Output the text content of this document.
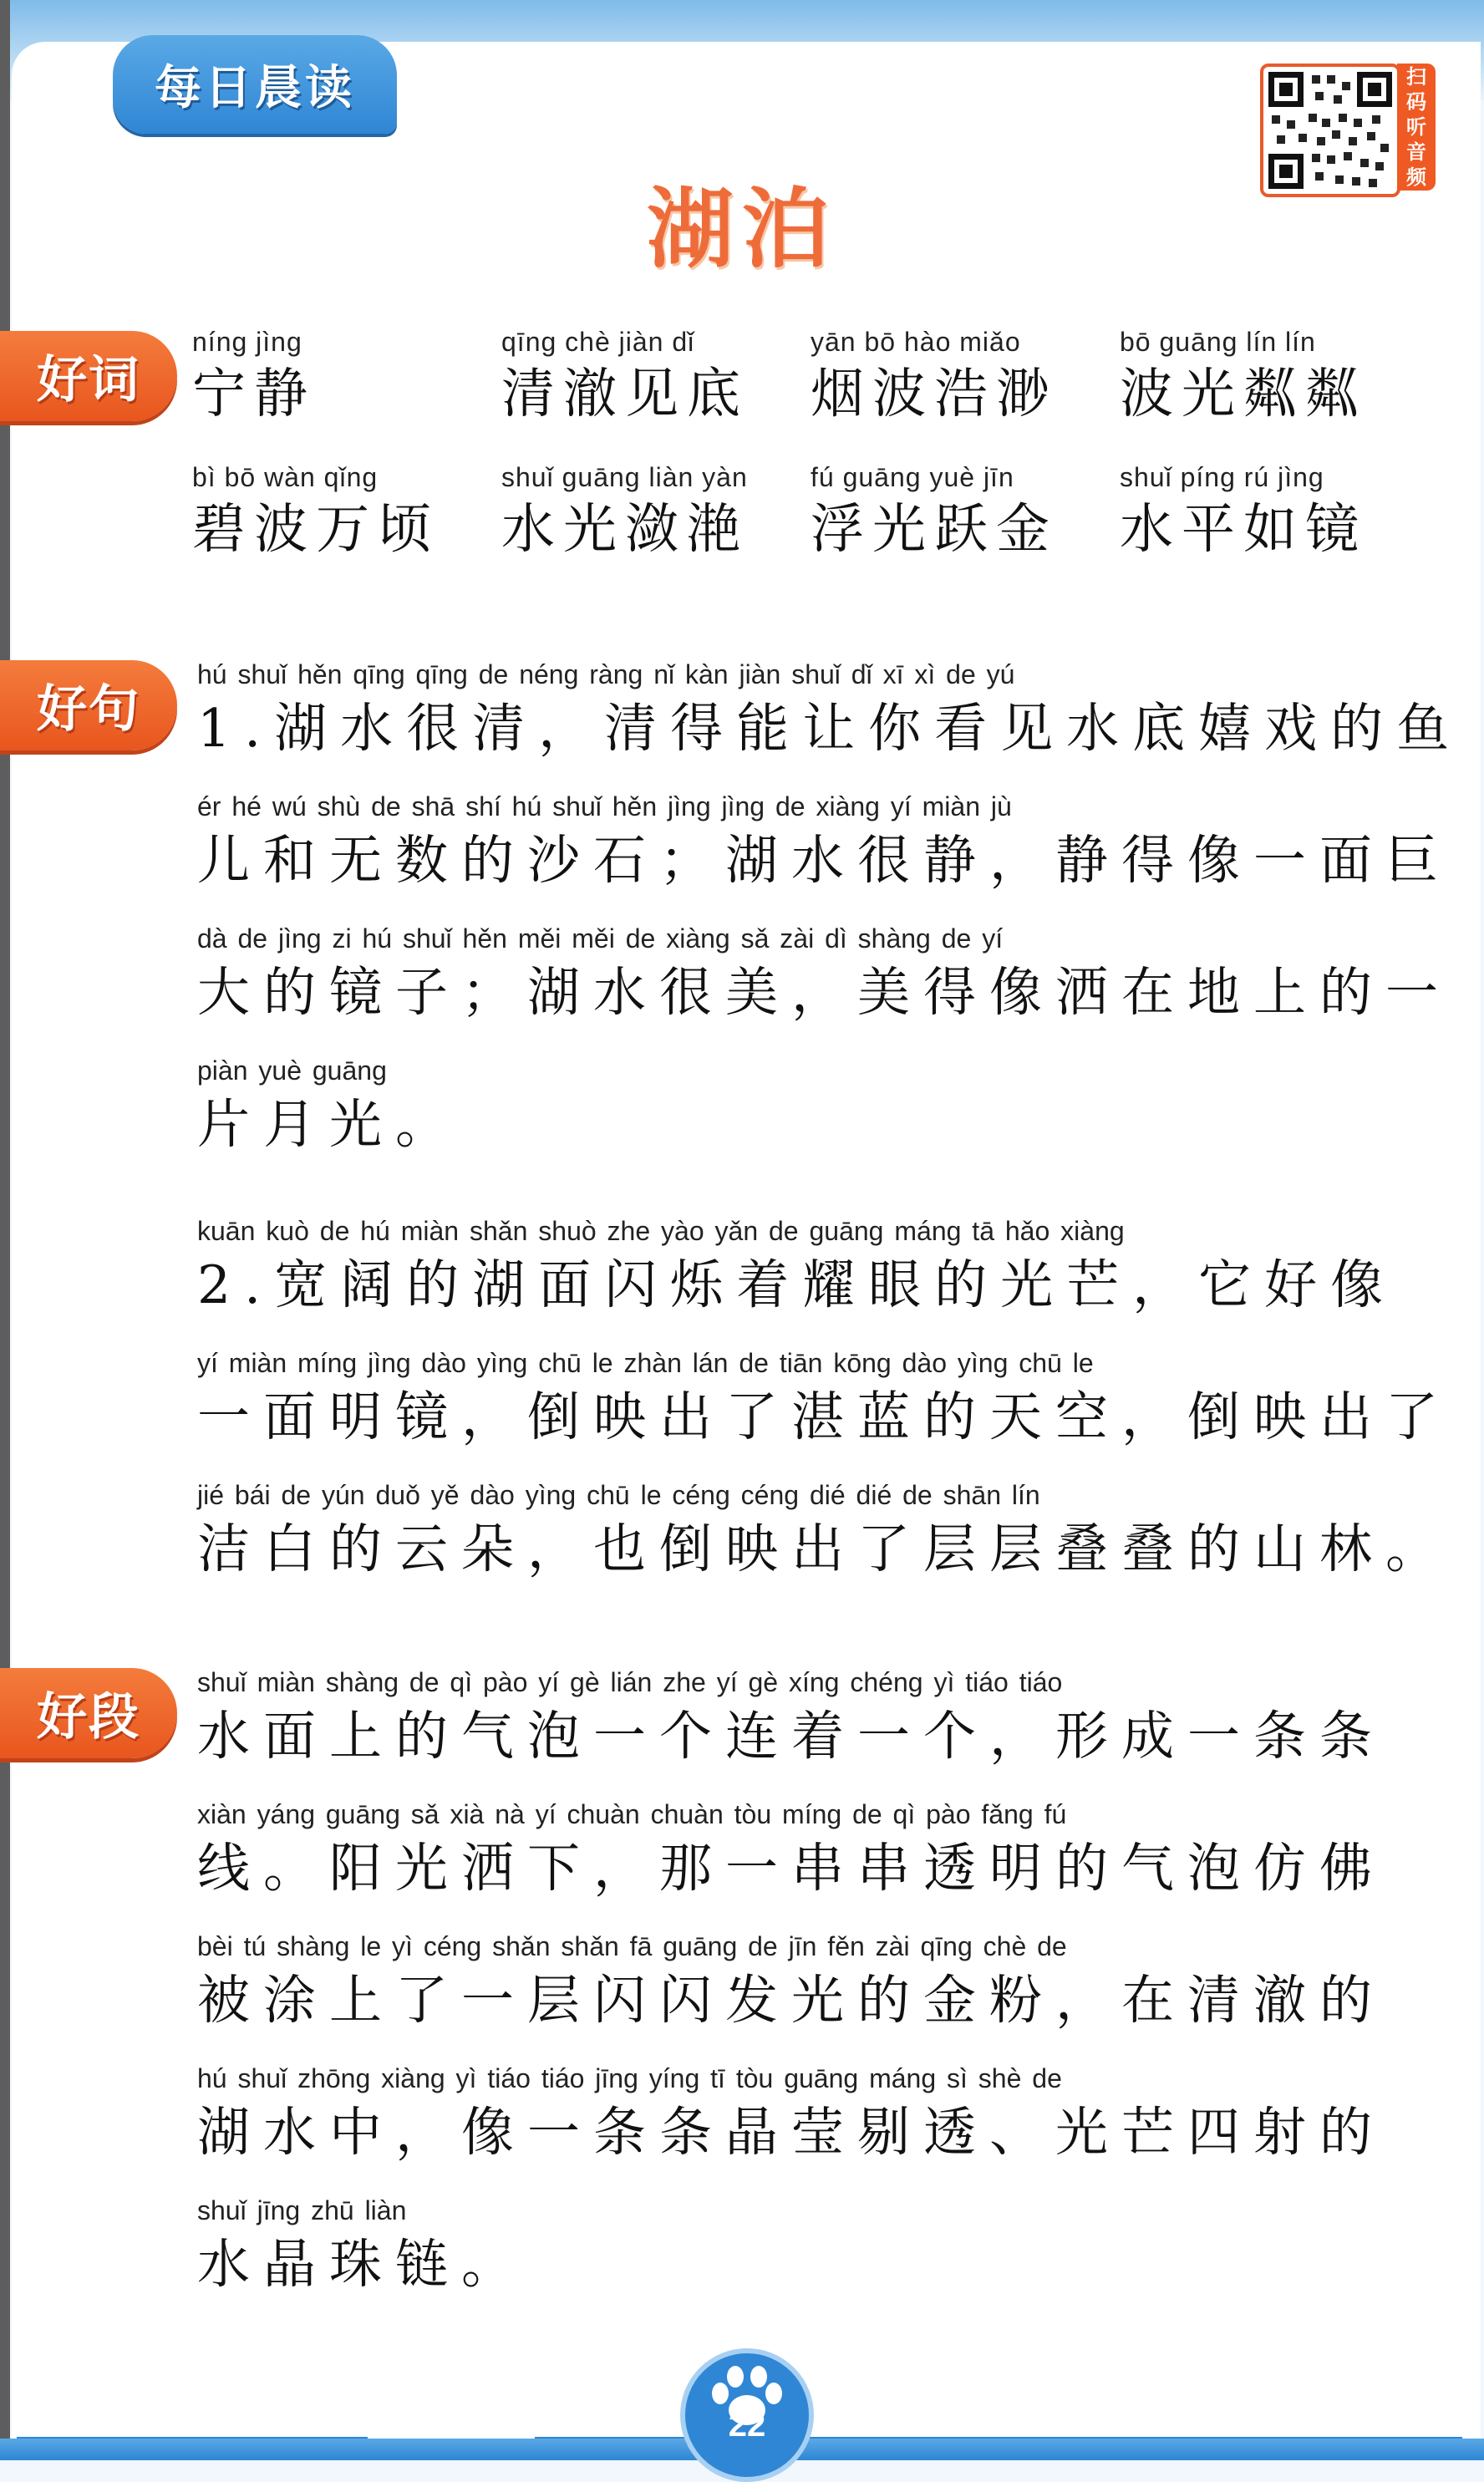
每日晨读	扫
码
听
音
频
湖泊
好词
好句
好段
níng jìng
宁静
qīng chè jiàn dǐ
清澈见底
yān bō hào miǎo
烟波浩渺
bō guāng lín lín
波光粼粼
bì bō wàn qǐng
碧波万顷
shuǐ guāng liàn yàn
水光潋滟
fú guāng yuè jīn
浮光跃金
shuǐ píng rú jìng
水平如镜
hú shuǐ hěn qīng qīng de néng ràng nǐ kàn jiàn shuǐ dǐ xī xì de yú
1.湖水很清，清得能让你看见水底嬉戏的鱼
ér hé wú shù de shā shí hú shuǐ hěn jìng jìng de xiàng yí miàn jù
儿和无数的沙石；湖水很静，静得像一面巨
dà de jìng zi hú shuǐ hěn měi měi de xiàng sǎ zài dì shàng de yí
大的镜子；湖水很美，美得像洒在地上的一
piàn yuè guāng
片月光。
kuān kuò de hú miàn shǎn shuò zhe yào yǎn de guāng máng tā hǎo xiàng
2.宽阔的湖面闪烁着耀眼的光芒，它好像
yí miàn míng jìng dào yìng chū le zhàn lán de tiān kōng dào yìng chū le
一面明镜，倒映出了湛蓝的天空，倒映出了
jié bái de yún duǒ yě dào yìng chū le céng céng dié dié de shān lín
洁白的云朵，也倒映出了层层叠叠的山林。
shuǐ miàn shàng de qì pào yí gè lián zhe yí gè xíng chéng yì tiáo tiáo
水面上的气泡一个连着一个，形成一条条
xiàn yáng guāng sǎ xià nà yí chuàn chuàn tòu míng de qì pào fǎng fú
线。阳光洒下，那一串串透明的气泡仿佛
bèi tú shàng le yì céng shǎn shǎn fā guāng de jīn fěn zài qīng chè de
被涂上了一层闪闪发光的金粉，在清澈的
hú shuǐ zhōng xiàng yì tiáo tiáo jīng yíng tī tòu guāng máng sì shè de
湖水中，像一条条晶莹剔透、光芒四射的
shuǐ jīng zhū liàn
水晶珠链。
22
